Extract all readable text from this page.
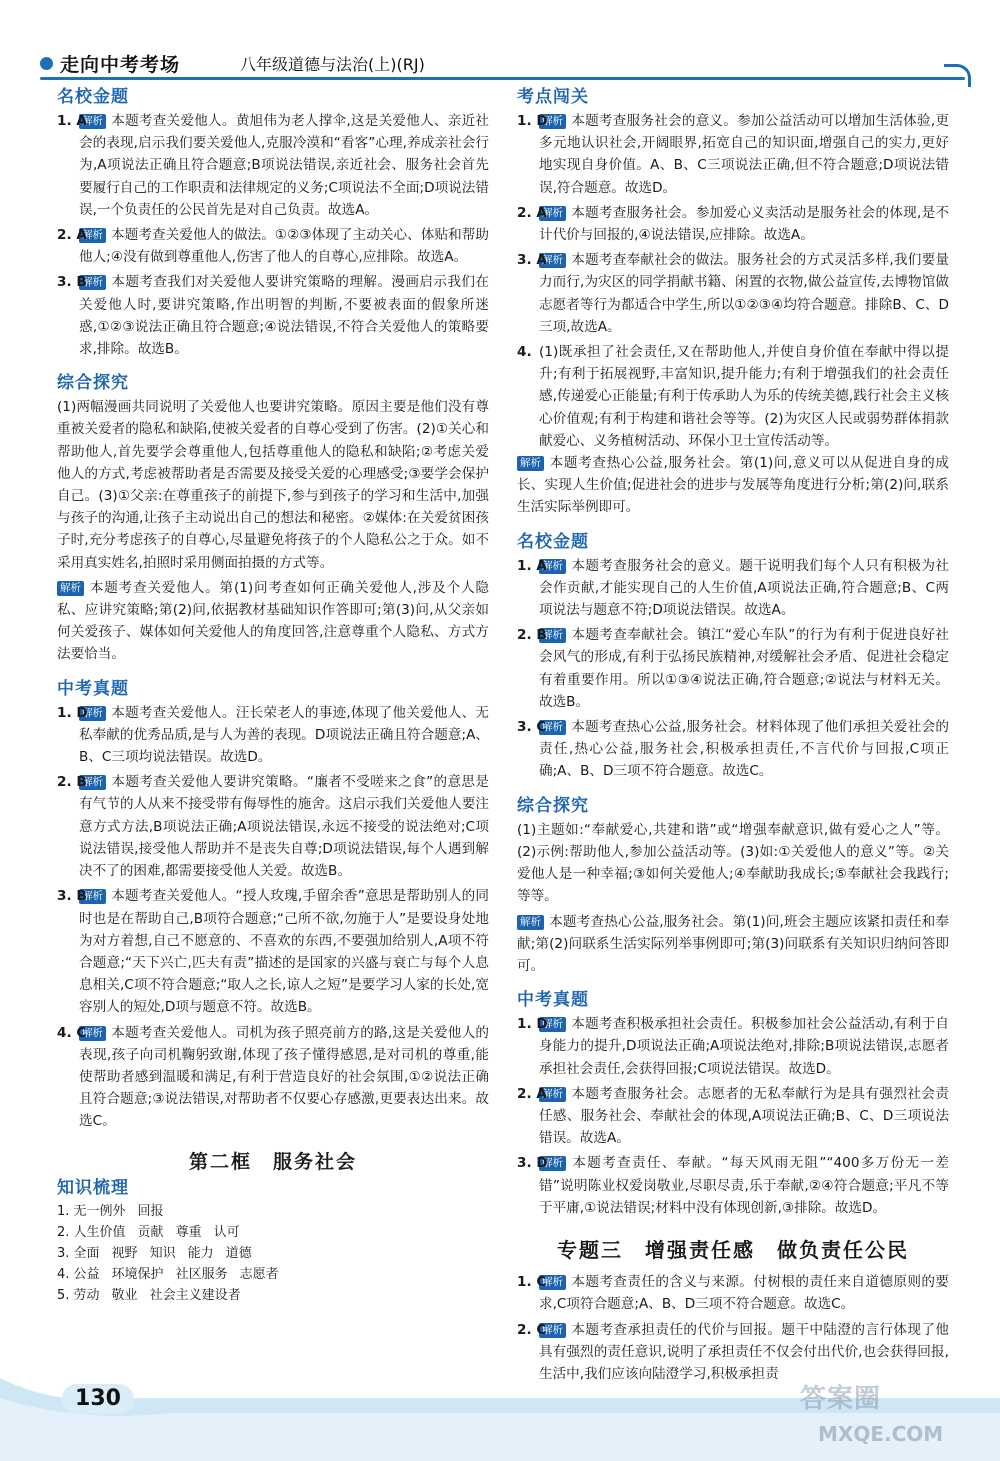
走向中考考场	八年级道德与法治(上)(RJ)
名校金题
1. A
解析 本题考查关爱他人。黄旭伟为老人撑伞,这是关爱他人、亲近社会的表现,启示我们要关爱他人,克服冷漠和“看客”心理,养成亲社会行为,A项说法正确且符合题意;B项说法错误,亲近社会、服务社会首先要履行自己的工作职责和法律规定的义务;C项说法不全面;D项说法错误,一个负责任的公民首先是对自己负责。故选A。
2. A
解析 本题考查关爱他人的做法。①②③体现了主动关心、体贴和帮助他人;④没有做到尊重他人,伤害了他人的自尊心,应排除。故选A。
3. B
解析 本题考查我们对关爱他人要讲究策略的理解。漫画启示我们在关爱他人时,要讲究策略,作出明智的判断,不要被表面的假象所迷惑,①②③说法正确且符合题意;④说法错误,不符合关爱他人的策略要求,排除。故选B。
综合探究
(1)两幅漫画共同说明了关爱他人也要讲究策略。原因主要是他们没有尊重被关爱者的隐私和缺陷,使被关爱者的自尊心受到了伤害。(2)①关心和帮助他人,首先要学会尊重他人,包括尊重他人的隐私和缺陷;②考虑关爱他人的方式,考虑被帮助者是否需要及接受关爱的心理感受;③要学会保护自己。(3)①父亲:在尊重孩子的前提下,参与到孩子的学习和生活中,加强与孩子的沟通,让孩子主动说出自己的想法和秘密。②媒体:在关爱贫困孩子时,充分考虑孩子的自尊心,尽量避免将孩子的个人隐私公之于众。如不采用真实姓名,拍照时采用侧面拍摄的方式等。
解析 本题考查关爱他人。第(1)问考查如何正确关爱他人,涉及个人隐私、应讲究策略;第(2)问,依据教材基础知识作答即可;第(3)问,从父亲如何关爱孩子、媒体如何关爱他人的角度回答,注意尊重个人隐私、方式方法要恰当。
中考真题
1. D
解析 本题考查关爱他人。汪长荣老人的事迹,体现了他关爱他人、无私奉献的优秀品质,是与人为善的表现。D项说法正确且符合题意;A、B、C三项均说法错误。故选D。
2. B
解析 本题考查关爱他人要讲究策略。“廉者不受嗟来之食”的意思是有气节的人从来不接受带有侮辱性的施舍。这启示我们关爱他人要注意方式方法,B项说法正确;A项说法错误,永远不接受的说法绝对;C项说法错误,接受他人帮助并不是丧失自尊;D项说法错误,每个人遇到解决不了的困难,都需要接受他人关爱。故选B。
3. B
解析 本题考查关爱他人。“授人玫瑰,手留余香”意思是帮助别人的同时也是在帮助自己,B项符合题意;“己所不欲,勿施于人”是要设身处地为对方着想,自己不愿意的、不喜欢的东西,不要强加给别人,A项不符合题意;“天下兴亡,匹夫有责”描述的是国家的兴盛与衰亡与每个人息息相关,C项不符合题意;“取人之长,谅人之短”是要学习人家的长处,宽容别人的短处,D项与题意不符。故选B。
4. C
解析 本题考查关爱他人。司机为孩子照亮前方的路,这是关爱他人的表现,孩子向司机鞠躬致谢,体现了孩子懂得感恩,是对司机的尊重,能使帮助者感到温暖和满足,有利于营造良好的社会氛围,①②说法正确且符合题意;③说法错误,对帮助者不仅要心存感激,更要表达出来。故选C。
第二框　服务社会
知识梳理
1. 无一例外 回报
2. 人生价值 贡献 尊重 认可
3. 全面 视野 知识 能力 道德
4. 公益 环境保护 社区服务 志愿者
5. 劳动 敬业 社会主义建设者
考点闯关
1. D
解析 本题考查服务社会的意义。参加公益活动可以增加生活体验,更多元地认识社会,开阔眼界,拓宽自己的知识面,增强自己的实力,更好地实现自身价值。A、B、C三项说法正确,但不符合题意;D项说法错误,符合题意。故选D。
2. A
解析 本题考查服务社会。参加爱心义卖活动是服务社会的体现,是不计代价与回报的,④说法错误,应排除。故选A。
3. A
解析 本题考查奉献社会的做法。服务社会的方式灵活多样,我们要量力而行,为灾区的同学捐献书籍、闲置的衣物,做公益宣传,去博物馆做志愿者等行为都适合中学生,所以①②③④均符合题意。排除B、C、D三项,故选A。
4. (1)既承担了社会责任,又在帮助他人,并使自身价值在奉献中得以提升;有利于拓展视野,丰富知识,提升能力;有利于增强我们的社会责任感,传递爱心正能量;有利于传承助人为乐的传统美德,践行社会主义核心价值观;有利于构建和谐社会等等。(2)为灾区人民或弱势群体捐款献爱心、义务植树活动、环保小卫士宣传活动等。
解析 本题考查热心公益,服务社会。第(1)问,意义可以从促进自身的成长、实现人生价值;促进社会的进步与发展等角度进行分析;第(2)问,联系生活实际举例即可。
名校金题
1. A
解析 本题考查服务社会的意义。题干说明我们每个人只有积极为社会作贡献,才能实现自己的人生价值,A项说法正确,符合题意;B、C两项说法与题意不符;D项说法错误。故选A。
2. B
解析 本题考查奉献社会。镇江“爱心车队”的行为有利于促进良好社会风气的形成,有利于弘扬民族精神,对缓解社会矛盾、促进社会稳定有着重要作用。所以①③④说法正确,符合题意;②说法与材料无关。故选B。
3. C
解析 本题考查热心公益,服务社会。材料体现了他们承担关爱社会的责任,热心公益,服务社会,积极承担责任,不言代价与回报,C项正确;A、B、D三项不符合题意。故选C。
综合探究
(1)主题如:“奉献爱心,共建和谐”或“增强奉献意识,做有爱心之人”等。(2)示例:帮助他人,参加公益活动等。(3)如:①关爱他人的意义”等。②关爱他人是一种幸福;③如何关爱他人;④奉献助我成长;⑤奉献社会我践行;等等。
解析 本题考查热心公益,服务社会。第(1)问,班会主题应该紧扣责任和奉献;第(2)问联系生活实际列举事例即可;第(3)问联系有关知识归纳问答即可。
中考真题
1. D
解析 本题考查积极承担社会责任。积极参加社会公益活动,有利于自身能力的提升,D项说法正确;A项说法绝对,排除;B项说法错误,志愿者承担社会责任,会获得回报;C项说法错误。故选D。
2. A
解析 本题考查服务社会。志愿者的无私奉献行为是具有强烈社会责任感、服务社会、奉献社会的体现,A项说法正确;B、C、D三项说法错误。故选A。
3. D
解析 本题考查责任、奉献。“每天风雨无阻”“400多万份无一差错”说明陈业权爱岗敬业,尽职尽责,乐于奉献,②④符合题意;平凡不等于平庸,①说法错误;材料中没有体现创新,③排除。故选D。
专题三　增强责任感　做负责任公民
1. C
解析 本题考查责任的含义与来源。付树根的责任来自道德原则的要求,C项符合题意;A、B、D三项不符合题意。故选C。
2. C
解析 本题考查承担责任的代价与回报。题干中陆澄的言行体现了他具有强烈的责任意识,说明了承担责任不仅会付出代价,也会获得回报,生活中,我们应该向陆澄学习,积极承担责
130	答案圈
MXQE.COM
